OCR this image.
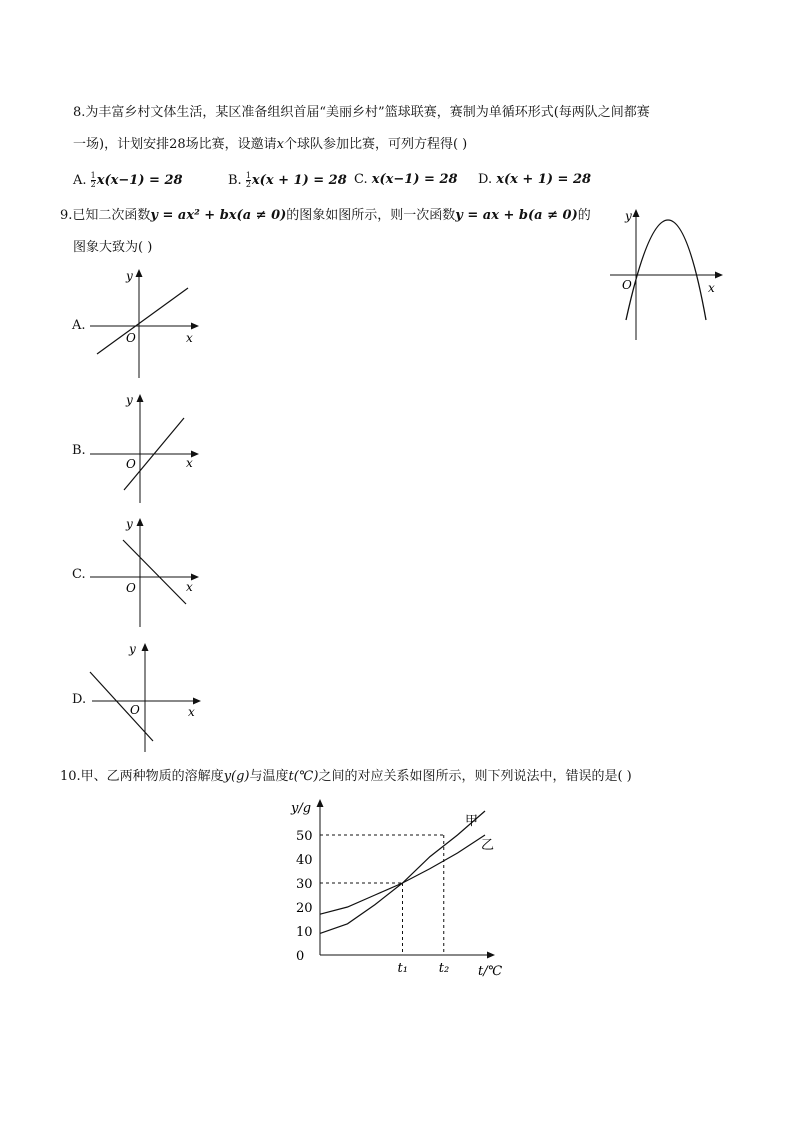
8.为丰富乡村文体生活，某区准备组织首届“美丽乡村”篮球联赛，赛制为单循环形式(每两队之间都赛
一场)，计划安排28场比赛，设邀请x个球队参加比赛，可列方程得( )
A. $\frac{1}{2} x(x-1) = 28$	B. $\frac{1}{2} x(x + 1) = 28$ C. x(x−1) = 28 D. x(x + 1) = 28
9.已知二次函数y = ax² + bx(a ≠ 0)的图象如图所示，则一次函数y = ax + b(a ≠ 0)的
图象大致为( )
y
x
O
A.
B.
C.
D.
y
x
O
y
x
O
y
x
O
y
x
O
10.甲、乙两种物质的溶解度y(g)与温度t(℃)之间的对应关系如图所示，则下列说法中，错误的是( )
y/g
t/℃
0
10
20
30
40
50
甲
乙
t₁ t₂
